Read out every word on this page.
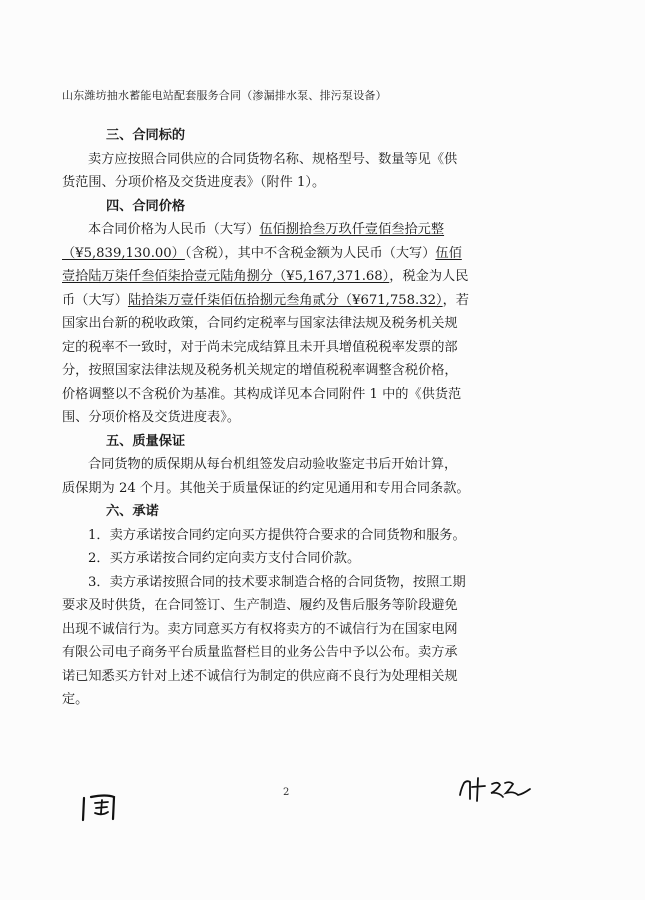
山东潍坊抽水蓄能电站配套服务合同（渗漏排水泵、排污泵设备）
三、合同标的
卖方应按照合同供应的合同货物名称、规格型号、数量等见《供
货范围、分项价格及交货进度表》（附件 1）。
四、合同价格
本合同价格为人民币（大写）伍佰捌拾叁万玖仟壹佰叁拾元整
（¥5,839,130.00）（含税），其中不含税金额为人民币（大写）伍佰
壹拾陆万柒仟叁佰柒拾壹元陆角捌分（¥5,167,371.68），税金为人民
币（大写）陆拾柒万壹仟柒佰伍拾捌元叁角贰分（¥671,758.32），若
国家出台新的税收政策，合同约定税率与国家法律法规及税务机关规
定的税率不一致时，对于尚未完成结算且未开具增值税税率发票的部
分，按照国家法律法规及税务机关规定的增值税税率调整含税价格，
价格调整以不含税价为基准。其构成详见本合同附件 1 中的《供货范
围、分项价格及交货进度表》。
五、质量保证
合同货物的质保期从每台机组签发启动验收鉴定书后开始计算，
质保期为 24 个月。其他关于质量保证的约定见通用和专用合同条款。
六、承诺
1．卖方承诺按合同约定向买方提供符合要求的合同货物和服务。
2．买方承诺按合同约定向卖方支付合同价款。
3．卖方承诺按照合同的技术要求制造合格的合同货物，按照工期
要求及时供货，在合同签订、生产制造、履约及售后服务等阶段避免
出现不诚信行为。卖方同意买方有权将卖方的不诚信行为在国家电网
有限公司电子商务平台质量监督栏目的业务公告中予以公布。卖方承
诺已知悉买方针对上述不诚信行为制定的供应商不良行为处理相关规
定。
2
